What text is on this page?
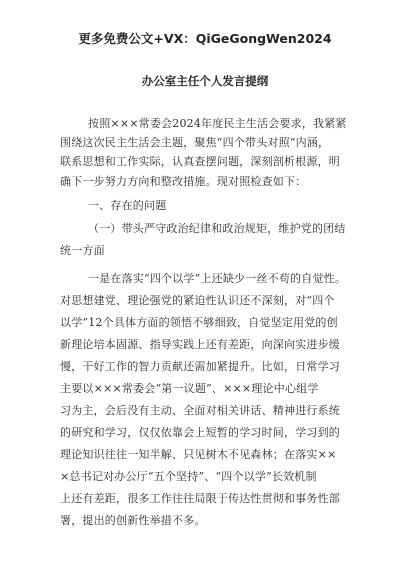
更多免费公文+VX：QiGeGongWen2024
办公室主任个人发言提纲
按照×××常委会2024年度民主生活会要求，我紧紧
围绕这次民主生活会主题，聚焦“四个带头对照”内涵，
联系思想和工作实际，认真查摆问题，深刻剖析根源，明
确下一步努力方向和整改措施。现对照检查如下：
一、存在的问题
（一）带头严守政治纪律和政治规矩，维护党的团结
统一方面
一是在落实“四个以学”上还缺少一丝不苟的自觉性。
对思想建党、理论强党的紧迫性认识还不深刻，对“四个
以学”12个具体方面的领悟不够细致，自觉坚定用党的创
新理论培本固源、指导实践上还有差距，向深向实进步缓
慢，干好工作的智力贡献还需加紧提升。比如，日常学习
主要以×××常委会“第一议题”、×××理论中心组学
习为主，会后没有主动、全面对相关讲话、精神进行系统
的研究和学习，仅仅依靠会上短暂的学习时间，学习到的
理论知识往往一知半解、只见树木不见森林；在落实××
×总书记对办公厅“五个坚持”、“四个以学”长效机制
上还有差距，很多工作往往局限于传达性贯彻和事务性部
署，提出的创新性举措不多。
